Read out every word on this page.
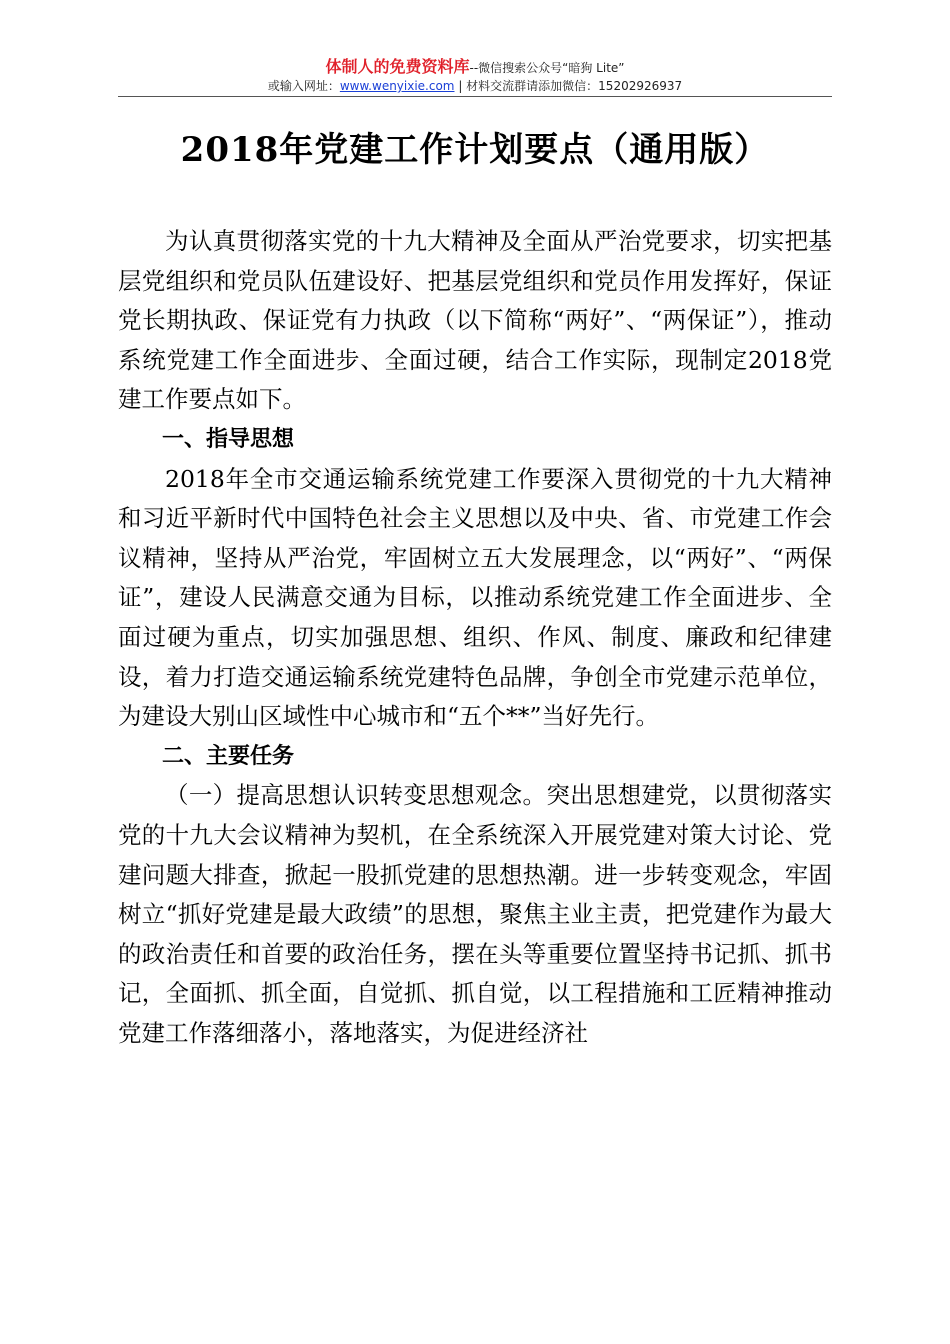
体制人的免费资料库--微信搜索公众号“暗狗 Lite”
或输入网址：www.wenyixie.com | 材料交流群请添加微信：15202926937
2018年党建工作计划要点（通用版）

为认真贯彻落实党的十九大精神及全面从严治党要求，切实把基层党组织和党员队伍建设好、把基层党组织和党员作用发挥好，保证党长期执政、保证党有力执政（以下简称“两好”、“两保证”），推动系统党建工作全面进步、全面过硬，结合工作实际，现制定2018党建工作要点如下。

一、指导思想

2018年全市交通运输系统党建工作要深入贯彻党的十九大精神和习近平新时代中国特色社会主义思想以及中央、省、市党建工作会议精神，坚持从严治党，牢固树立五大发展理念，以“两好”、“两保证”，建设人民满意交通为目标，以推动系统党建工作全面进步、全面过硬为重点，切实加强思想、组织、作风、制度、廉政和纪律建设，着力打造交通运输系统党建特色品牌，争创全市党建示范单位，为建设大别山区域性中心城市和“五个**”当好先行。

二、主要任务

（一）提高思想认识转变思想观念。突出思想建党，以贯彻落实党的十九大会议精神为契机，在全系统深入开展党建对策大讨论、党建问题大排查，掀起一股抓党建的思想热潮。进一步转变观念，牢固树立“抓好党建是最大政绩”的思想，聚焦主业主责，把党建作为最大的政治责任和首要的政治任务，摆在头等重要位置坚持书记抓、抓书记，全面抓、抓全面，自觉抓、抓自觉，以工程措施和工匠精神推动党建工作落细落小，落地落实，为促进经济社
